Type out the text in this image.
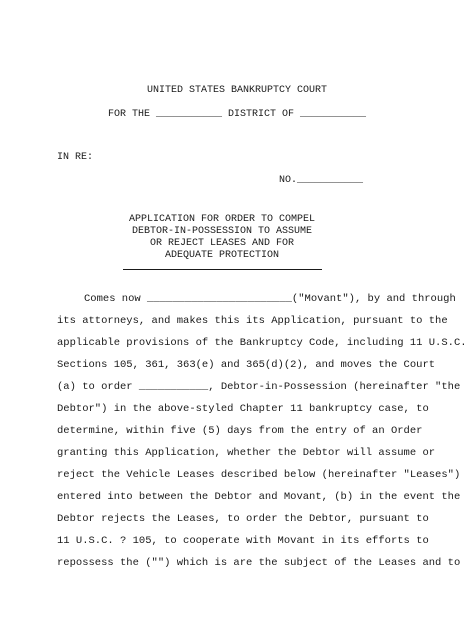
UNITED STATES BANKRUPTCY COURT
FOR THE ___________ DISTRICT OF ___________
IN RE:
NO.___________
APPLICATION FOR ORDER TO COMPEL
DEBTOR-IN-POSSESSION TO ASSUME
OR REJECT LEASES AND FOR
ADEQUATE PROTECTION
Comes now _______________________("Movant"), by and through
its attorneys, and makes this its Application, pursuant to the
applicable provisions of the Bankruptcy Code, including 11 U.S.C.
Sections 105, 361, 363(e) and 365(d)(2), and moves the Court
(a) to order ___________, Debtor-in-Possession (hereinafter "the
Debtor") in the above-styled Chapter 11 bankruptcy case, to
determine, within five (5) days from the entry of an Order
granting this Application, whether the Debtor will assume or
reject the Vehicle Leases described below (hereinafter "Leases")
entered into between the Debtor and Movant, (b) in the event the
Debtor rejects the Leases, to order the Debtor, pursuant to
11 U.S.C. ? 105, to cooperate with Movant in its efforts to
repossess the ("") which is are the subject of the Leases and to
